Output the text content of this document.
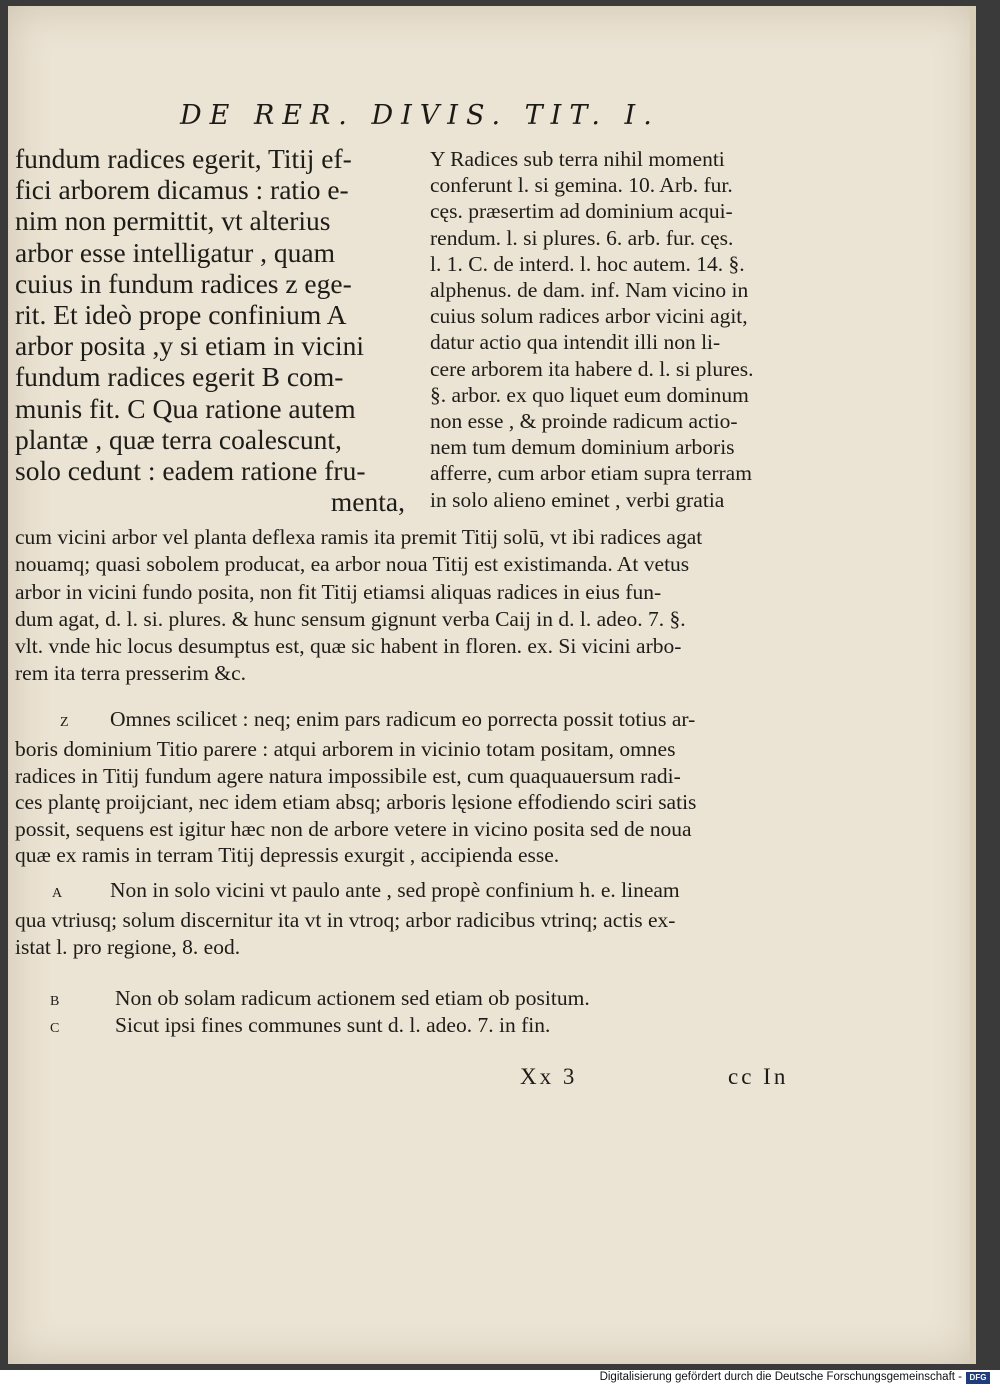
DE RER. DIVIS. TIT. I.
fundum radices egerit, Titij ef-
fici arborem dicamus : ratio e-
nim non permittit, vt alterius
arbor esse intelligatur , quam
cuius in fundum radices z ege-
rit. Et ideò prope confinium A
arbor posita ,y si etiam in vicini
fundum radices egerit B com-
munis fit. C Qua ratione autem
plantæ , quæ terra coalescunt,
solo cedunt : eadem ratione fru-
menta,
Y Radices sub terra nihil momenti
conferunt l. si gemina. 10. Arb. fur.
cęs. præsertim ad dominium acqui-
rendum. l. si plures. 6. arb. fur. cęs.
l. 1. C. de interd. l. hoc autem. 14. §.
alphenus. de dam. inf. Nam vicino in
cuius solum radices arbor vicini agit,
datur actio qua intendit illi non li-
cere arborem ita habere d. l. si plures.
§. arbor. ex quo liquet eum dominum
non esse , & proinde radicum actio-
nem tum demum dominium arboris
afferre, cum arbor etiam supra terram
in solo alieno eminet , verbi gratia
cum vicini arbor vel planta deflexa ramis ita premit Titij solū, vt ibi radices agat
nouamq; quasi sobolem producat, ea arbor noua Titij est existimanda. At vetus
arbor in vicini fundo posita, non fit Titij etiamsi aliquas radices in eius fun-
dum agat, d. l. si. plures. & hunc sensum gignunt verba Caij in d. l. adeo. 7. §.
vlt. vnde hic locus desumptus est, quæ sic habent in floren. ex. Si vicini arbo-
rem ita terra presserim &c.
Z Omnes scilicet : neq; enim pars radicum eo porrecta possit totius ar-
boris dominium Titio parere : atqui arborem in vicinio totam positam, omnes
radices in Titij fundum agere natura impossibile est, cum quaquauersum radi-
ces plantę proijciant, nec idem etiam absq; arboris lęsione effodiendo sciri satis
possit, sequens est igitur hæc non de arbore vetere in vicino posita sed de noua
quæ ex ramis in terram Titij depressis exurgit , accipienda esse.
A Non in solo vicini vt paulo ante , sed propè confinium h. e. lineam
qua vtriusq; solum discernitur ita vt in vtroq; arbor radicibus vtrinq; actis ex-
istat l. pro regione, 8. eod.
B	Non ob solam radicum actionem sed etiam ob positum.
C	Sicut ipsi fines communes sunt d. l. adeo. 7. in fin.
Xx 3	cc In
Digitalisierung gefördert durch die Deutsche Forschungsgemeinschaft - DFG
